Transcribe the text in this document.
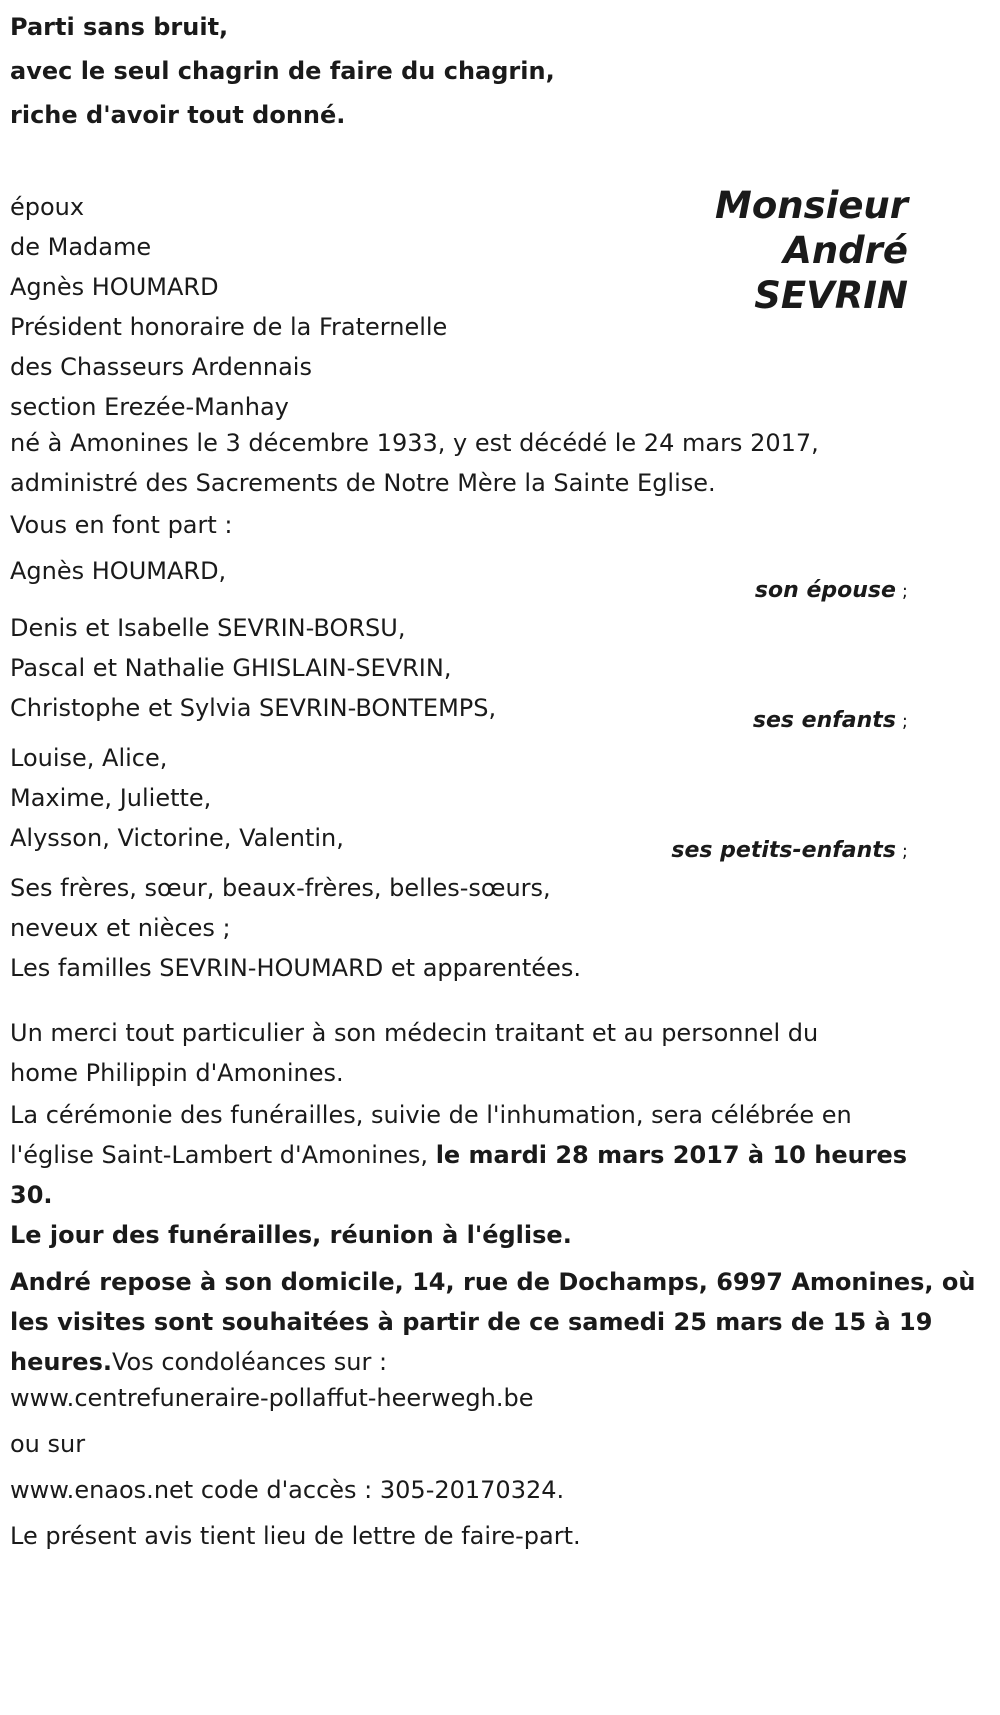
Parti sans bruit,
avec le seul chagrin de faire du chagrin,
riche d'avoir tout donné.
époux
de Madame
Agnès HOUMARD
Président honoraire de la Fraternelle
des Chasseurs Ardennais
section Erezée-Manhay
Monsieur
André
SEVRIN
né à Amonines le 3 décembre 1933, y est décédé le 24 mars 2017,
administré des Sacrements de Notre Mère la Sainte Eglise.
Vous en font part :
Agnès HOUMARD,
son épouse ;
Denis et Isabelle SEVRIN-BORSU,
Pascal et Nathalie GHISLAIN-SEVRIN,
Christophe et Sylvia SEVRIN-BONTEMPS,	ses enfants ;
Louise, Alice,
Maxime, Juliette,
Alysson, Victorine, Valentin,	ses petits-enfants ;
Ses frères, sœur, beaux-frères, belles-sœurs,
neveux et nièces ;
Les familles SEVRIN-HOUMARD et apparentées.
Un merci tout particulier à son médecin traitant et au personnel du
home Philippin d'Amonines.
La cérémonie des funérailles, suivie de l'inhumation, sera célébrée en
l'église Saint-Lambert d'Amonines, le mardi 28 mars 2017 à 10 heures
30.
Le jour des funérailles, réunion à l'église.
André repose à son domicile, 14, rue de Dochamps, 6997 Amonines, où
les visites sont souhaitées à partir de ce samedi 25 mars de 15 à 19
heures.Vos condoléances sur :
www.centrefuneraire-pollaffut-heerwegh.be
ou sur
www.enaos.net code d'accès : 305-20170324.
Le présent avis tient lieu de lettre de faire-part.
